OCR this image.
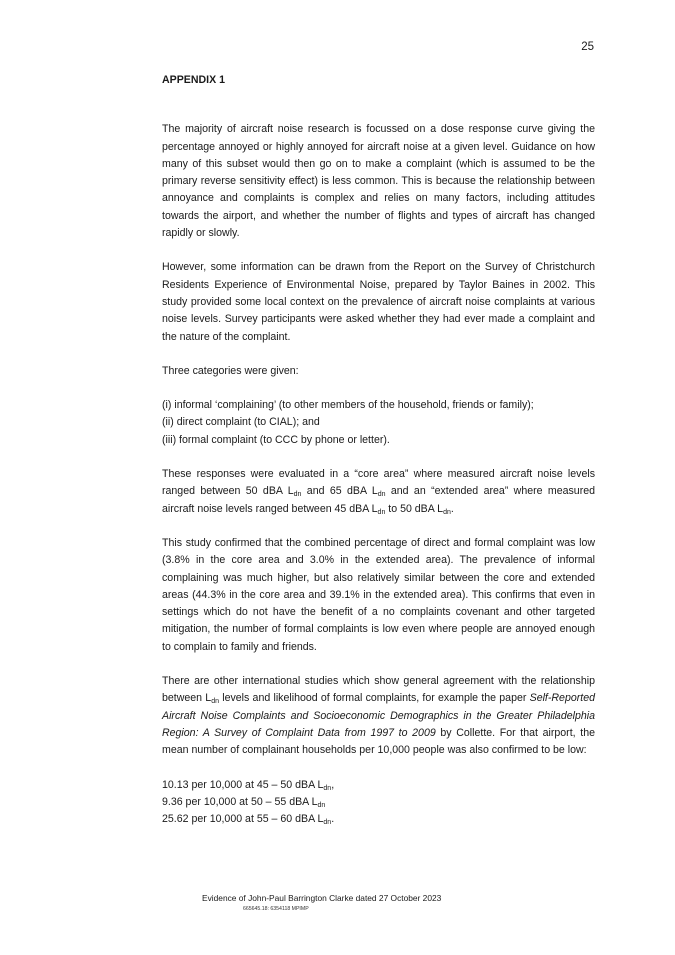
25
APPENDIX 1

The majority of aircraft noise research is focussed on a dose response curve giving the percentage annoyed or highly annoyed for aircraft noise at a given level. Guidance on how many of this subset would then go on to make a complaint (which is assumed to be the primary reverse sensitivity effect) is less common. This is because the relationship between annoyance and complaints is complex and relies on many factors, including attitudes towards the airport, and whether the number of flights and types of aircraft has changed rapidly or slowly.

However, some information can be drawn from the Report on the Survey of Christchurch Residents Experience of Environmental Noise, prepared by Taylor Baines in 2002. This study provided some local context on the prevalence of aircraft noise complaints at various noise levels. Survey participants were asked whether they had ever made a complaint and the nature of the complaint.

Three categories were given:

(i) informal ‘complaining’ (to other members of the household, friends or family);
(ii) direct complaint (to CIAL); and
(iii) formal complaint (to CCC by phone or letter).

These responses were evaluated in a “core area” where measured aircraft noise levels ranged between 50 dBA $L_{dn}$ and 65 dBA $L_{dn}$ and an “extended area” where measured aircraft noise levels ranged between 45 dBA $L_{dn}$ to 50 dBA $L_{dn}$.

This study confirmed that the combined percentage of direct and formal complaint was low (3.8% in the core area and 3.0% in the extended area). The prevalence of informal complaining was much higher, but also relatively similar between the core and extended areas (44.3% in the core area and 39.1% in the extended area). This confirms that even in settings which do not have the benefit of a no complaints covenant and other targeted mitigation, the number of formal complaints is low even where people are annoyed enough to complain to family and friends.

There are other international studies which show general agreement with the relationship between $L_{dn}$ levels and likelihood of formal complaints, for example the paper Self-Reported Aircraft Noise Complaints and Socioeconomic Demographics in the Greater Philadelphia Region: A Survey of Complaint Data from 1997 to 2009 by Collette. For that airport, the mean number of complainant households per 10,000 people was also confirmed to be low:

10.13 per 10,000 at 45 – 50 dBA $L_{dn}$,
9.36 per 10,000 at 50 – 55 dBA $L_{dn}$
25.62 per 10,000 at 55 – 60 dBA $L_{dn}$.
Evidence of John-Paul Barrington Clarke dated 27 October 2023
665645.18: 6354118 MPIMP
